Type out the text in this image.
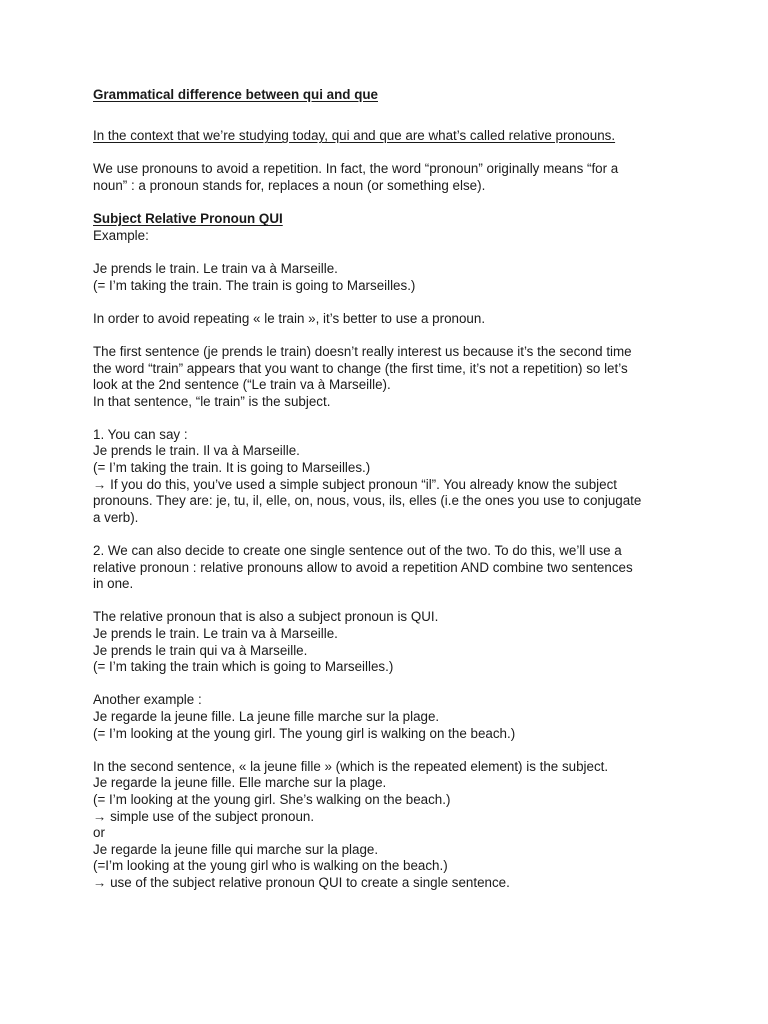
Grammatical difference between qui and que
In the context that we’re studying today, qui and que are what’s called relative pronouns.
We use pronouns to avoid a repetition. In fact, the word “pronoun” originally means “for a
noun” : a pronoun stands for, replaces a noun (or something else).
Subject Relative Pronoun QUI
Example:
Je prends le train. Le train va à Marseille.
(= I’m taking the train. The train is going to Marseilles.)
In order to avoid repeating « le train », it’s better to use a pronoun.
The first sentence (je prends le train) doesn’t really interest us because it’s the second time
the word “train” appears that you want to change (the first time, it’s not a repetition) so let’s
look at the 2nd sentence (“Le train va à Marseille).
In that sentence, “le train” is the subject.
1. You can say :
Je prends le train. Il va à Marseille.
(= I’m taking the train. It is going to Marseilles.)
→ If you do this, you’ve used a simple subject pronoun “il”. You already know the subject
pronouns. They are: je, tu, il, elle, on, nous, vous, ils, elles (i.e the ones you use to conjugate
a verb).
2. We can also decide to create one single sentence out of the two. To do this, we’ll use a
relative pronoun : relative pronouns allow to avoid a repetition AND combine two sentences
in one.
The relative pronoun that is also a subject pronoun is QUI.
Je prends le train. Le train va à Marseille.
Je prends le train qui va à Marseille.
(= I’m taking the train which is going to Marseilles.)
Another example :
Je regarde la jeune fille. La jeune fille marche sur la plage.
(= I’m looking at the young girl. The young girl is walking on the beach.)
In the second sentence, « la jeune fille » (which is the repeated element) is the subject.
Je regarde la jeune fille. Elle marche sur la plage.
(= I’m looking at the young girl. She’s walking on the beach.)
→ simple use of the subject pronoun.
or
Je regarde la jeune fille qui marche sur la plage.
(=I’m looking at the young girl who is walking on the beach.)
→ use of the subject relative pronoun QUI to create a single sentence.
